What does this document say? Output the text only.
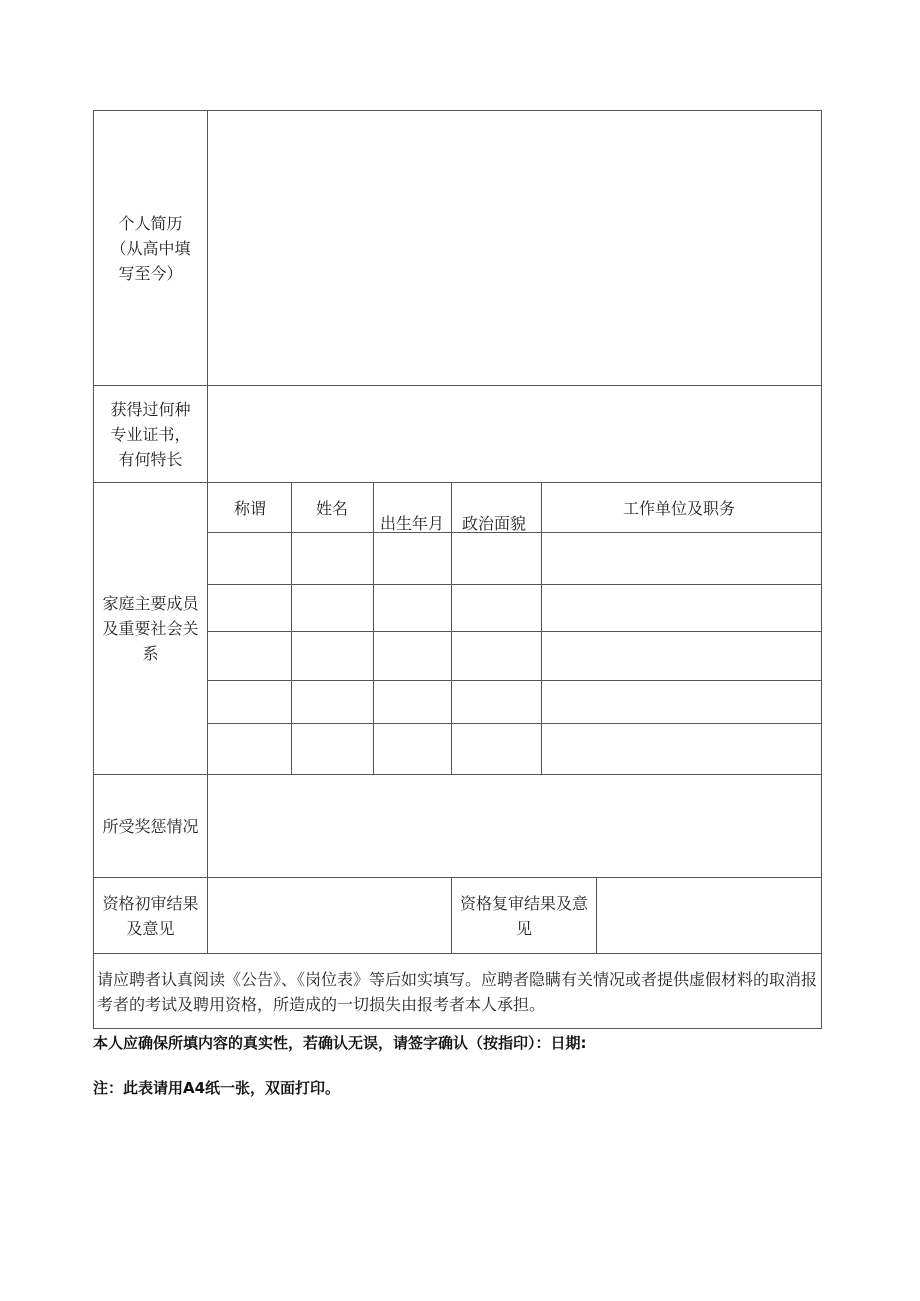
个人简历
（从高中填
写至今）
获得过何种
专业证书，
有何特长
家庭主要成员
及重要社会关
系
称谓	姓名
出生年月 政治面貌
工作单位及职务
所受奖惩情况
资格初审结果
及意见
资格复审结果及意
见
请应聘者认真阅读《公告》、《岗位表》等后如实填写。应聘者隐瞒有关情况或者提供虚假材料的取消报考者的考试及聘用资格，所造成的一切损失由报考者本人承担。
本人应确保所填内容的真实性，若确认无误，请签字确认（按指印）：日期:
注：此表请用A4纸一张，双面打印。
